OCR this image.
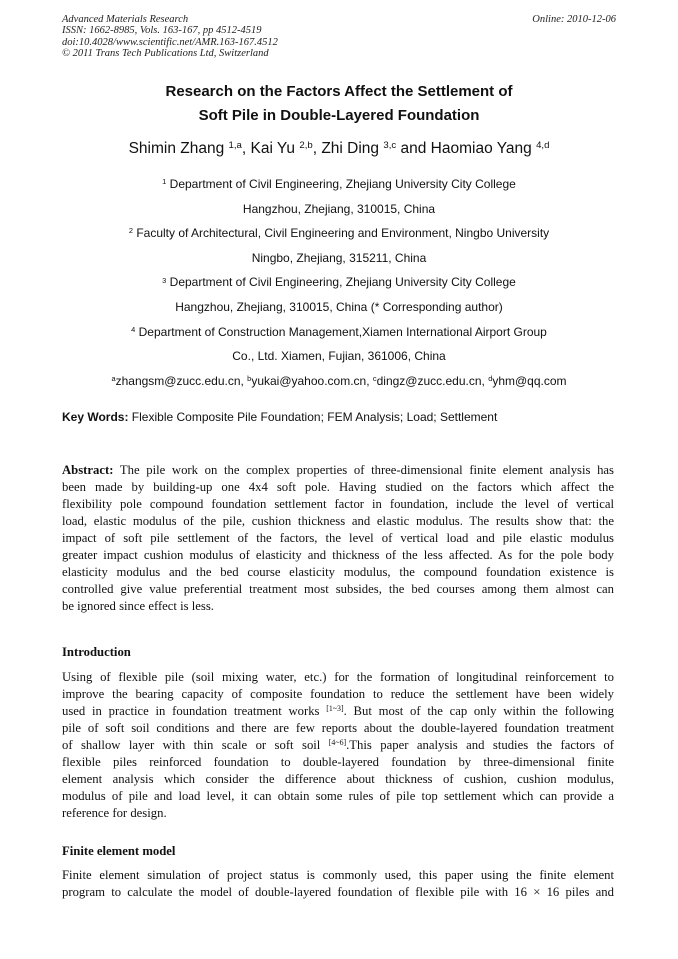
Advanced Materials Research
ISSN: 1662-8985, Vols. 163-167, pp 4512-4519
doi:10.4028/www.scientific.net/AMR.163-167.4512
© 2011 Trans Tech Publications Ltd, Switzerland
Online: 2010-12-06
Research on the Factors Affect the Settlement of
Soft Pile in Double-Layered Foundation
Shimin Zhang $^{1,a}$, Kai Yu $^{2,b}$, Zhi Ding $^{3,c}$ and Haomiao Yang $^{4,d}$
$^1$ Department of Civil Engineering, Zhejiang University City College
Hangzhou, Zhejiang, 310015, China
$^2$ Faculty of Architectural, Civil Engineering and Environment, Ningbo University
Ningbo, Zhejiang, 315211, China
$^3$ Department of Civil Engineering, Zhejiang University City College
Hangzhou, Zhejiang, 310015, China (* Corresponding author)
$^4$ Department of Construction Management,Xiamen International Airport Group
Co., Ltd. Xiamen, Fujian, 361006, China
$^a$zhangsm@zucc.edu.cn, $^b$yukai@yahoo.com.cn, $^c$dingz@zucc.edu.cn, $^d$yhm@qq.com
Key Words: Flexible Composite Pile Foundation; FEM Analysis; Load; Settlement
Abstract: The pile work on the complex properties of three-dimensional finite element analysis has
been made by building-up one 4x4 soft pole. Having studied on the factors which affect the
flexibility pole compound foundation settlement factor in foundation, include the level of vertical
load, elastic modulus of the pile, cushion thickness and elastic modulus. The results show that: the
impact of soft pile settlement of the factors, the level of vertical load and pile elastic modulus
greater impact cushion modulus of elasticity and thickness of the less affected. As for the pole body
elasticity modulus and the bed course elasticity modulus, the compound foundation existence is
controlled give value preferential treatment most subsides, the bed courses among them almost can
be ignored since effect is less.
Introduction
Using of flexible pile (soil mixing water, etc.) for the formation of longitudinal reinforcement to
improve the bearing capacity of composite foundation to reduce the settlement have been widely
used in practice in foundation treatment works [1~3]. But most of the cap only within the following
pile of soft soil conditions and there are few reports about the double-layered foundation treatment
of shallow layer with thin scale or soft soil [4~6].This paper analysis and studies the factors of
flexible piles reinforced foundation to double-layered foundation by three-dimensional finite
element analysis which consider the difference about thickness of cushion, cushion modulus,
modulus of pile and load level, it can obtain some rules of pile top settlement which can provide a
reference for design.
Finite element model
Finite element simulation of project status is commonly used, this paper using the finite element
program to calculate the model of double-layered foundation of flexible pile with 16 × 16 piles and
